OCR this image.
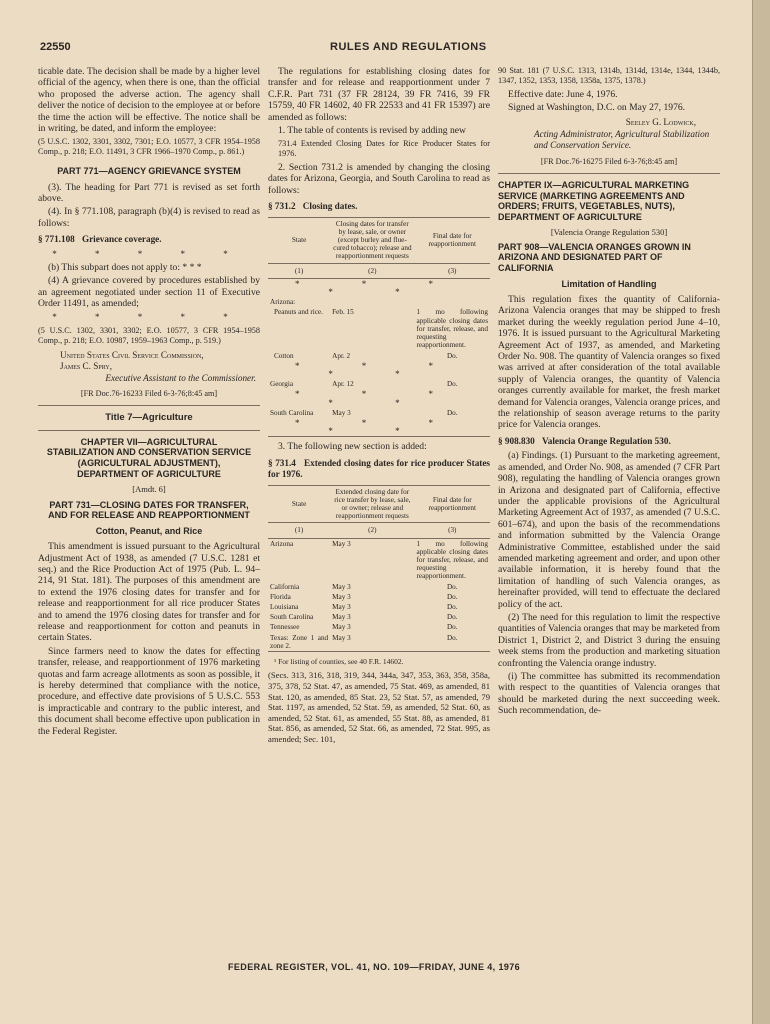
22550	RULES AND REGULATIONS

ticable date. The decision shall be made by a higher level official of the agency, when there is one, than the official who proposed the adverse action. The agency shall deliver the notice of decision to the employee at or before the time the action will be effective. The notice shall be in writing, be dated, and inform the employee:

(5 U.S.C. 1302, 3301, 3302, 7301; E.O. 10577, 3 CFR 1954–1958 Comp., p. 218; E.O. 11491, 3 CFR 1966–1970 Comp., p. 861.)

PART 771—AGENCY GRIEVANCE SYSTEM

(3). The heading for Part 771 is revised as set forth above.

(4). In § 771.108, paragraph (b)(4) is revised to read as follows:

§ 771.108 Grievance coverage.

* * * * *

(b) This subpart does not apply to: * * *

(4) A grievance covered by procedures established by an agreement negotiated under section 11 of Executive Order 11491, as amended;

* * * * *

(5 U.S.C. 1302, 3301, 3302; E.O. 10577, 3 CFR 1954–1958 Comp., p. 218; E.O. 10987, 1959–1963 Comp., p. 519.)

United States Civil Service Commission,
James C. Spry,
Executive Assistant to the Commissioner.
[FR Doc.76-16233 Filed 6-3-76;8:45 am]
Title 7—Agriculture
CHAPTER VII—AGRICULTURAL STABILIZATION AND CONSERVATION SERVICE (AGRICULTURAL ADJUSTMENT), DEPARTMENT OF AGRICULTURE
[Amdt. 6]
PART 731—CLOSING DATES FOR TRANSFER, AND FOR RELEASE AND REAPPORTIONMENT
Cotton, Peanut, and Rice

This amendment is issued pursuant to the Agricultural Adjustment Act of 1938, as amended (7 U.S.C. 1281 et seq.) and the Rice Production Act of 1975 (Pub. L. 94–214, 91 Stat. 181). The purposes of this amendment are to extend the 1976 closing dates for transfer and for release and reapportionment for all rice producer States and to amend the 1976 closing dates for transfer and for release and reapportionment for cotton and peanuts in certain States.

Since farmers need to know the dates for effecting transfer, release, and reapportionment of 1976 marketing quotas and farm acreage allotments as soon as possible, it is hereby determined that compliance with the notice, procedure, and effective date provisions of 5 U.S.C. 553 is impracticable and contrary to the public interest, and this document shall become effective upon publication in the Federal Register.

The regulations for establishing closing dates for transfer and for release and reapportionment under 7 C.F.R. Part 731 (37 FR 28124, 39 FR 7416, 39 FR 15759, 40 FR 14602, 40 FR 22533 and 41 FR 15397) are amended as follows:

1. The table of contents is revised by adding new

731.4 Extended Closing Dates for Rice Producer States for 1976.

2. Section 731.2 is amended by changing the closing dates for Arizona, Georgia, and South Carolina to read as follows:

§ 731.2 Closing dates.

State	Closing dates for transfer by lease, sale, or owner (except burley and flue-cured tobacco); release and reapportionment requests	Final date for reapportionment
(1)	(2)	(3)
* * * * *		
Arizona:		
Peanuts and rice.	Feb. 15	1 mo following applicable closing dates for transfer, release, and requesting reapportionment.
Cotton	Apr. 2	Do.
* * * * *		
Georgia	Apr. 12	Do.
* * * * *		
South Carolina	May 3	Do.
* * * * *		

3. The following new section is added:

§ 731.4 Extended closing dates for rice producer States for 1976.

State	Extended closing date for rice transfer by lease, sale, or owner; release and reapportionment requests	Final date for reapportionment
(1)	(2)	(3)
Arizona	May 3	1 mo following applicable closing dates for transfer, release, and requesting reapportionment.
California	May 3	Do.
Florida	May 3	Do.
Louisiana	May 3	Do.
South Carolina	May 3	Do.
Tennessee	May 3	Do.
Texas: Zone 1 and zone 2.	May 3	Do.
¹ For listing of counties, see 40 F.R. 14602.

(Secs. 313, 316, 318, 319, 344, 344a, 347, 353, 363, 358, 358a, 375, 378, 52 Stat. 47, as amended, 75 Stat. 469, as amended, 81 Stat. 120, as amended, 85 Stat. 23, 52 Stat. 57, as amended, 79 Stat. 1197, as amended, 52 Stat. 59, as amended, 52 Stat. 60, as amended, 52 Stat. 61, as amended, 55 Stat. 88, as amended, 81 Stat. 856, as amended, 52 Stat. 66, as amended, 72 Stat. 995, as amended; Sec. 101,

90 Stat. 181 (7 U.S.C. 1313, 1314b, 1314d, 1314e, 1344, 1344b, 1347, 1352, 1353, 1358, 1358a, 1375, 1378.)

Effective date: June 4, 1976.

Signed at Washington, D.C. on May 27, 1976.

Seeley G. Lodwick,
Acting Administrator, Agricultural Stabilization and Conservation Service.
[FR Doc.76-16275 Filed 6-3-76;8:45 am]
CHAPTER IX—AGRICULTURAL MARKETING SERVICE (MARKETING AGREEMENTS AND ORDERS; FRUITS, VEGETABLES, NUTS), DEPARTMENT OF AGRICULTURE
[Valencia Orange Regulation 530]
PART 908—VALENCIA ORANGES GROWN IN ARIZONA AND DESIGNATED PART OF CALIFORNIA
Limitation of Handling

This regulation fixes the quantity of California-Arizona Valencia oranges that may be shipped to fresh market during the weekly regulation period June 4–10, 1976. It is issued pursuant to the Agricultural Marketing Agreement Act of 1937, as amended, and Marketing Order No. 908. The quantity of Valencia oranges so fixed was arrived at after consideration of the total available supply of Valencia oranges, the quantity of Valencia oranges currently available for market, the fresh market demand for Valencia oranges, Valencia orange prices, and the relationship of season average returns to the parity price for Valencia oranges.

§ 908.830 Valencia Orange Regulation 530.

(a) Findings. (1) Pursuant to the marketing agreement, as amended, and Order No. 908, as amended (7 CFR Part 908), regulating the handling of Valencia oranges grown in Arizona and designated part of California, effective under the applicable provisions of the Agricultural Marketing Agreement Act of 1937, as amended (7 U.S.C. 601–674), and upon the basis of the recommendations and information submitted by the Valencia Orange Administrative Committee, established under the said amended marketing agreement and order, and upon other available information, it is hereby found that the limitation of handling of such Valencia oranges, as hereinafter provided, will tend to effectuate the declared policy of the act.

(2) The need for this regulation to limit the respective quantities of Valencia oranges that may be marketed from District 1, District 2, and District 3 during the ensuing week stems from the production and marketing situation confronting the Valencia orange industry.

(i) The committee has submitted its recommendation with respect to the quantities of Valencia oranges that should be marketed during the next succeeding week. Such recommendation, de-

FEDERAL REGISTER, VOL. 41, NO. 109—FRIDAY, JUNE 4, 1976
